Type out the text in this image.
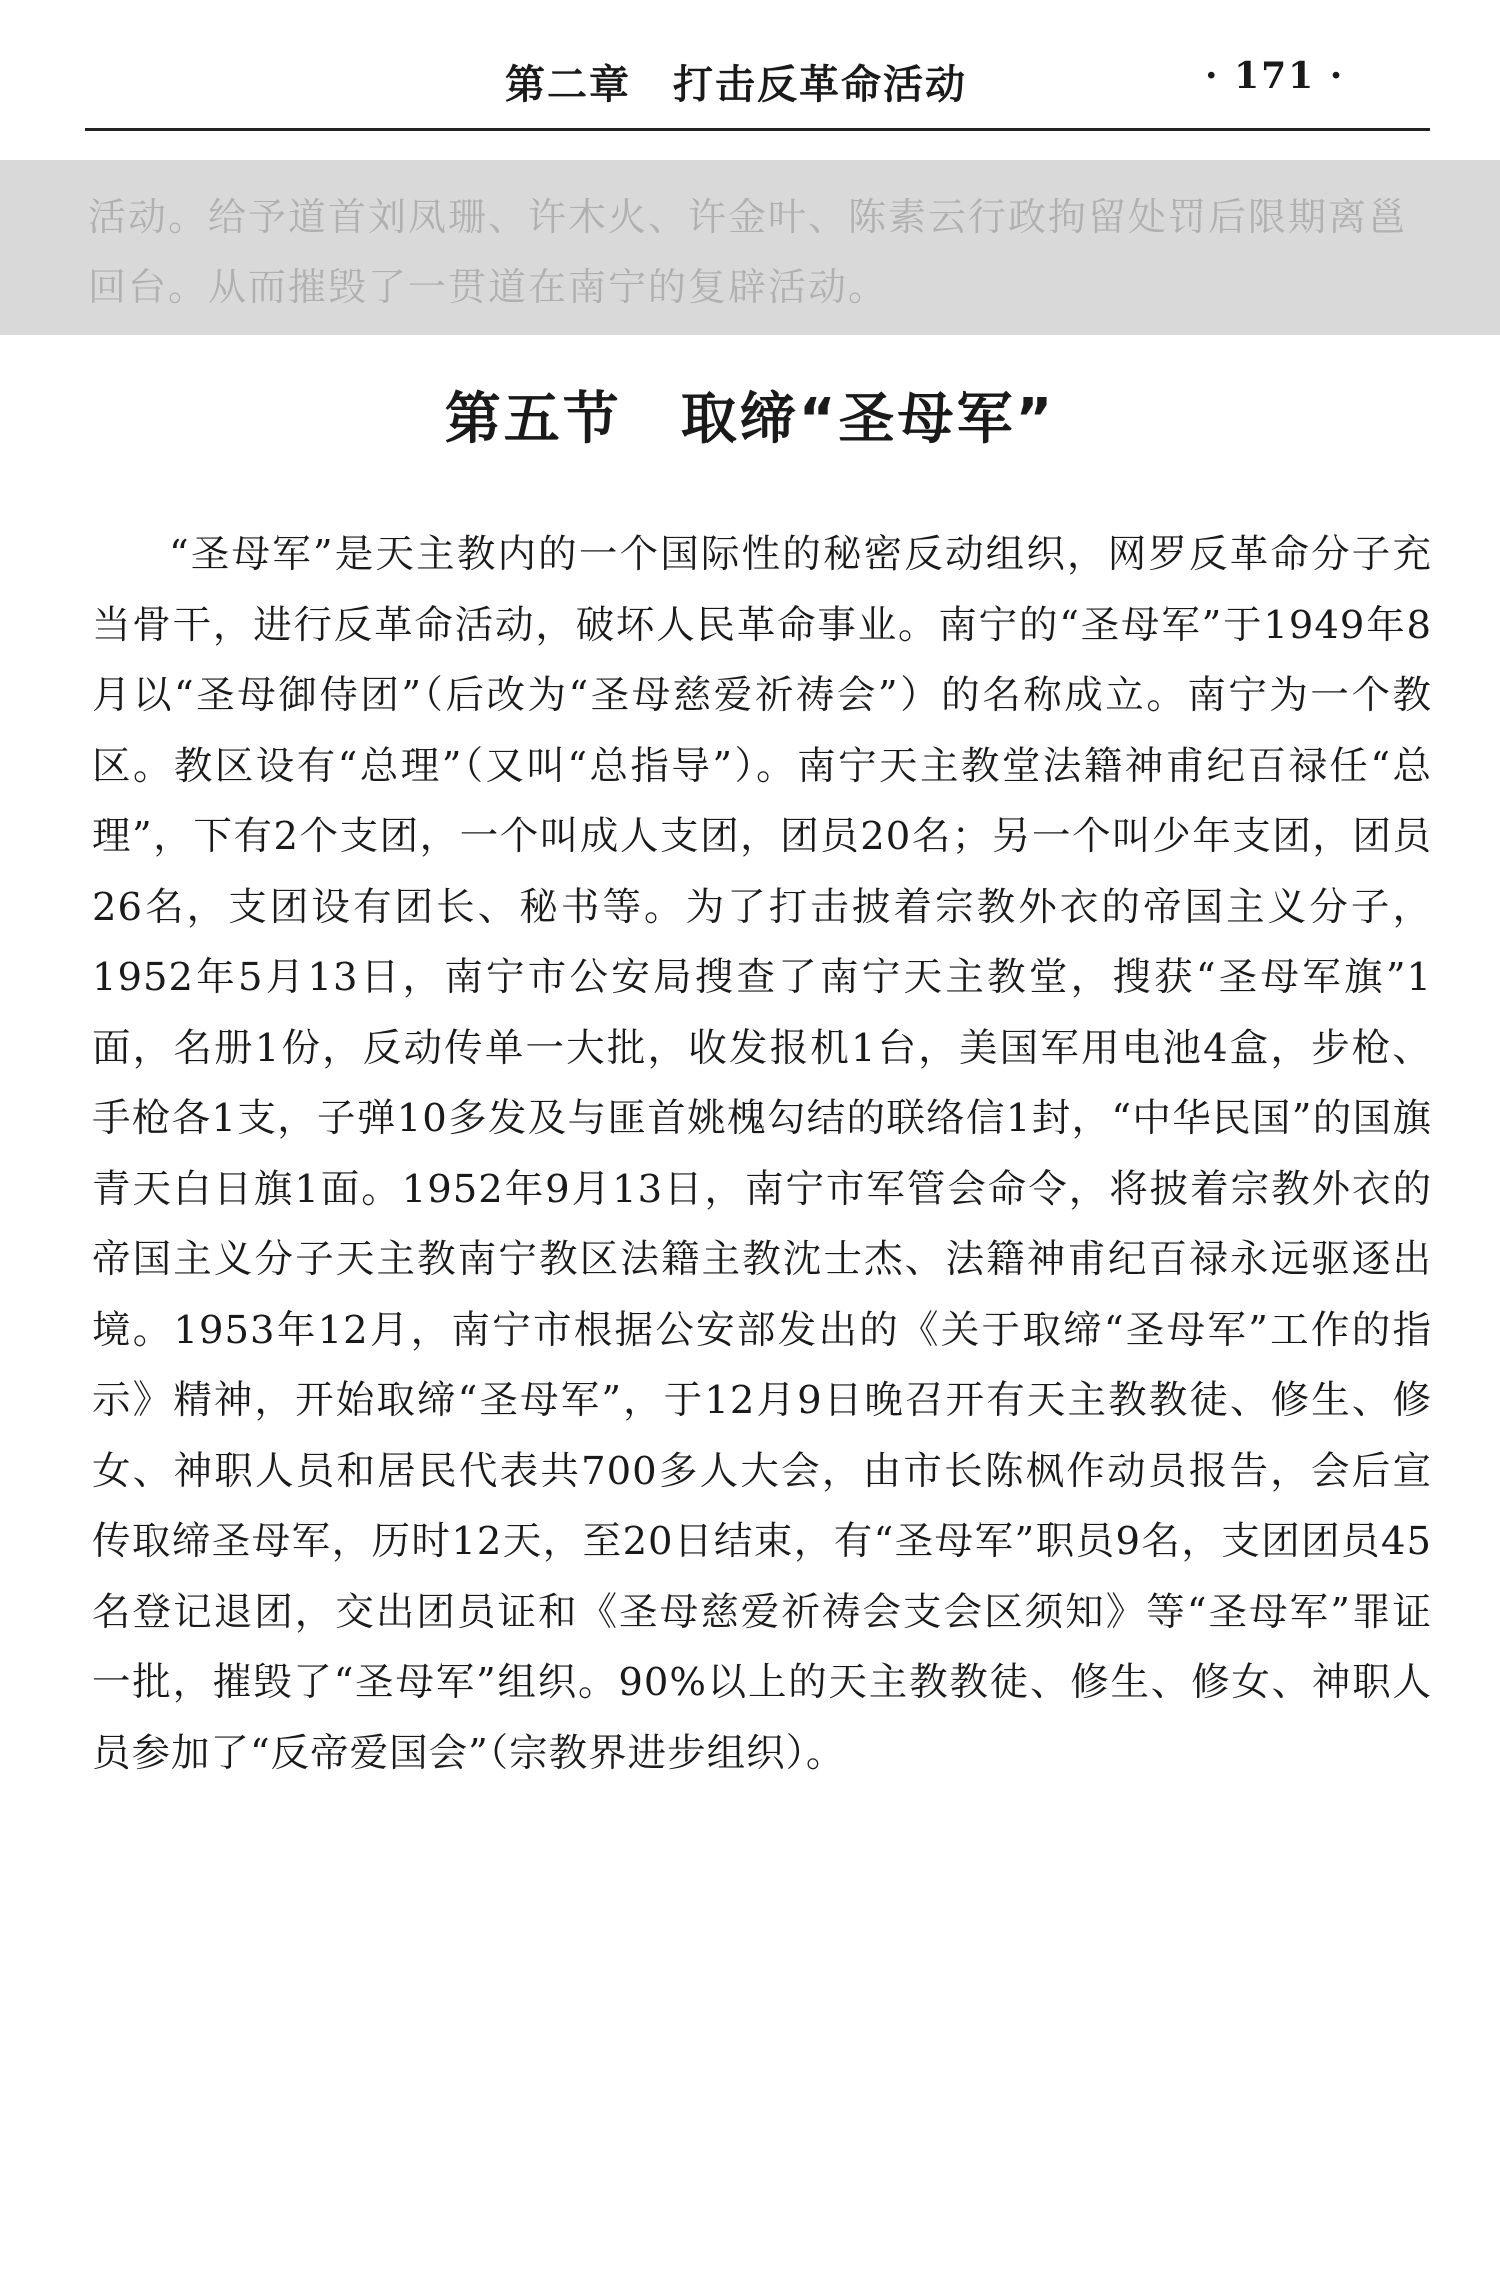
第二章　打击反革命活动	· 171 ·
活动。给予道首刘凤珊、许木火、许金叶、陈素云行政拘留处罚后限期离邕回台。从而摧毁了一贯道在南宁的复辟活动。
第五节　取缔“圣母军”
“圣母军”是天主教内的一个国际性的秘密反动组织，网罗反革命分子充当骨干，进行反革命活动，破坏人民革命事业。南宁的“圣母军”于1949年8月以“圣母御侍团”（后改为“圣母慈爱祈祷会”）的名称成立。南宁为一个教区。教区设有“总理”（又叫“总指导”）。南宁天主教堂法籍神甫纪百禄任“总理”，下有2个支团，一个叫成人支团，团员20名；另一个叫少年支团，团员26名，支团设有团长、秘书等。为了打击披着宗教外衣的帝国主义分子，1952年5月13日，南宁市公安局搜查了南宁天主教堂，搜获“圣母军旗”1面，名册1份，反动传单一大批，收发报机1台，美国军用电池4盒，步枪、手枪各1支，子弹10多发及与匪首姚槐勾结的联络信1封，“中华民国”的国旗青天白日旗1面。1952年9月13日，南宁市军管会命令，将披着宗教外衣的帝国主义分子天主教南宁教区法籍主教沈士杰、法籍神甫纪百禄永远驱逐出境。1953年12月，南宁市根据公安部发出的《关于取缔“圣母军”工作的指示》精神，开始取缔“圣母军”，于12月9日晚召开有天主教教徒、修生、修女、神职人员和居民代表共700多人大会，由市长陈枫作动员报告，会后宣传取缔圣母军，历时12天，至20日结束，有“圣母军”职员9名，支团团员45名登记退团，交出团员证和《圣母慈爱祈祷会支会区须知》等“圣母军”罪证一批，摧毁了“圣母军”组织。90%以上的天主教教徒、修生、修女、神职人员参加了“反帝爱国会”（宗教界进步组织）。
